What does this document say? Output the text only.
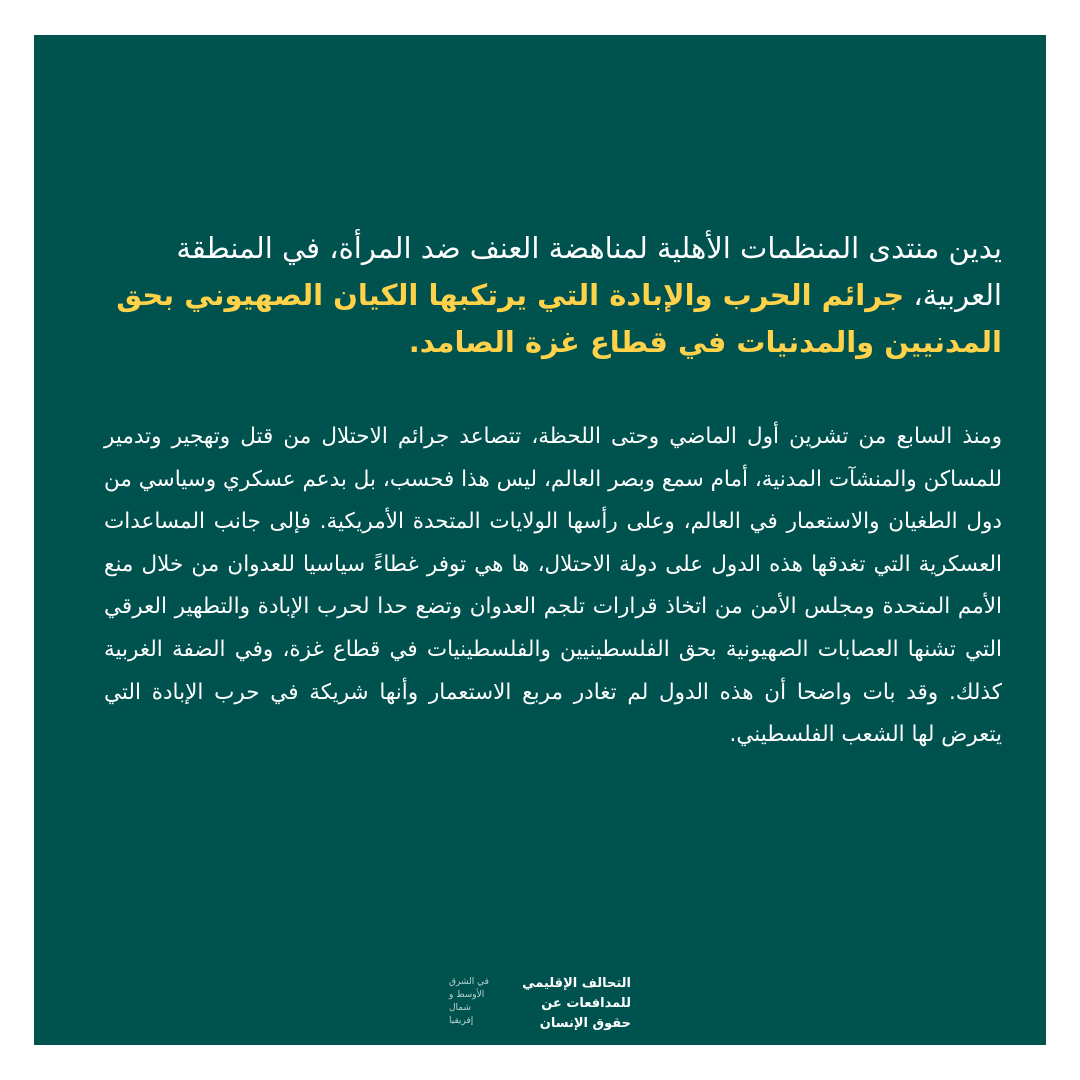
يدين منتدى المنظمات الأهلية لمناهضة العنف ضد المرأة، في المنطقة العربية، جرائم الحرب والإبادة التي يرتكبها الكيان الصهيوني بحق المدنيين والمدنيات في قطاع غزة الصامد.
ومنذ السابع من تشرين أول الماضي وحتى اللحظة، تتصاعد جرائم الاحتلال من قتل وتهجير وتدمير للمساكن والمنشآت المدنية، أمام سمع وبصر العالم، ليس هذا فحسب، بل بدعم عسكري وسياسي من دول الطغيان والاستعمار في العالم، وعلى رأسها الولايات المتحدة الأمريكية. فإلى جانب المساعدات العسكرية التي تغدقها هذه الدول على دولة الاحتلال، ها هي توفر غطاءً سياسيا للعدوان من خلال منع الأمم المتحدة ومجلس الأمن من اتخاذ قرارات تلجم العدوان وتضع حدا لحرب الإبادة والتطهير العرقي التي تشنها العصابات الصهيونية بحق الفلسطينيين والفلسطينيات في قطاع غزة، وفي الضفة الغربية كذلك. وقد بات واضحا أن هذه الدول لم تغادر مربع الاستعمار وأنها شريكة في حرب الإبادة التي يتعرض لها الشعب الفلسطيني.
التحالف الإقليمي
للمدافعات عن
حقوق الإنسان
في الشرق
الأوسط و
شمال
إفريقيا
